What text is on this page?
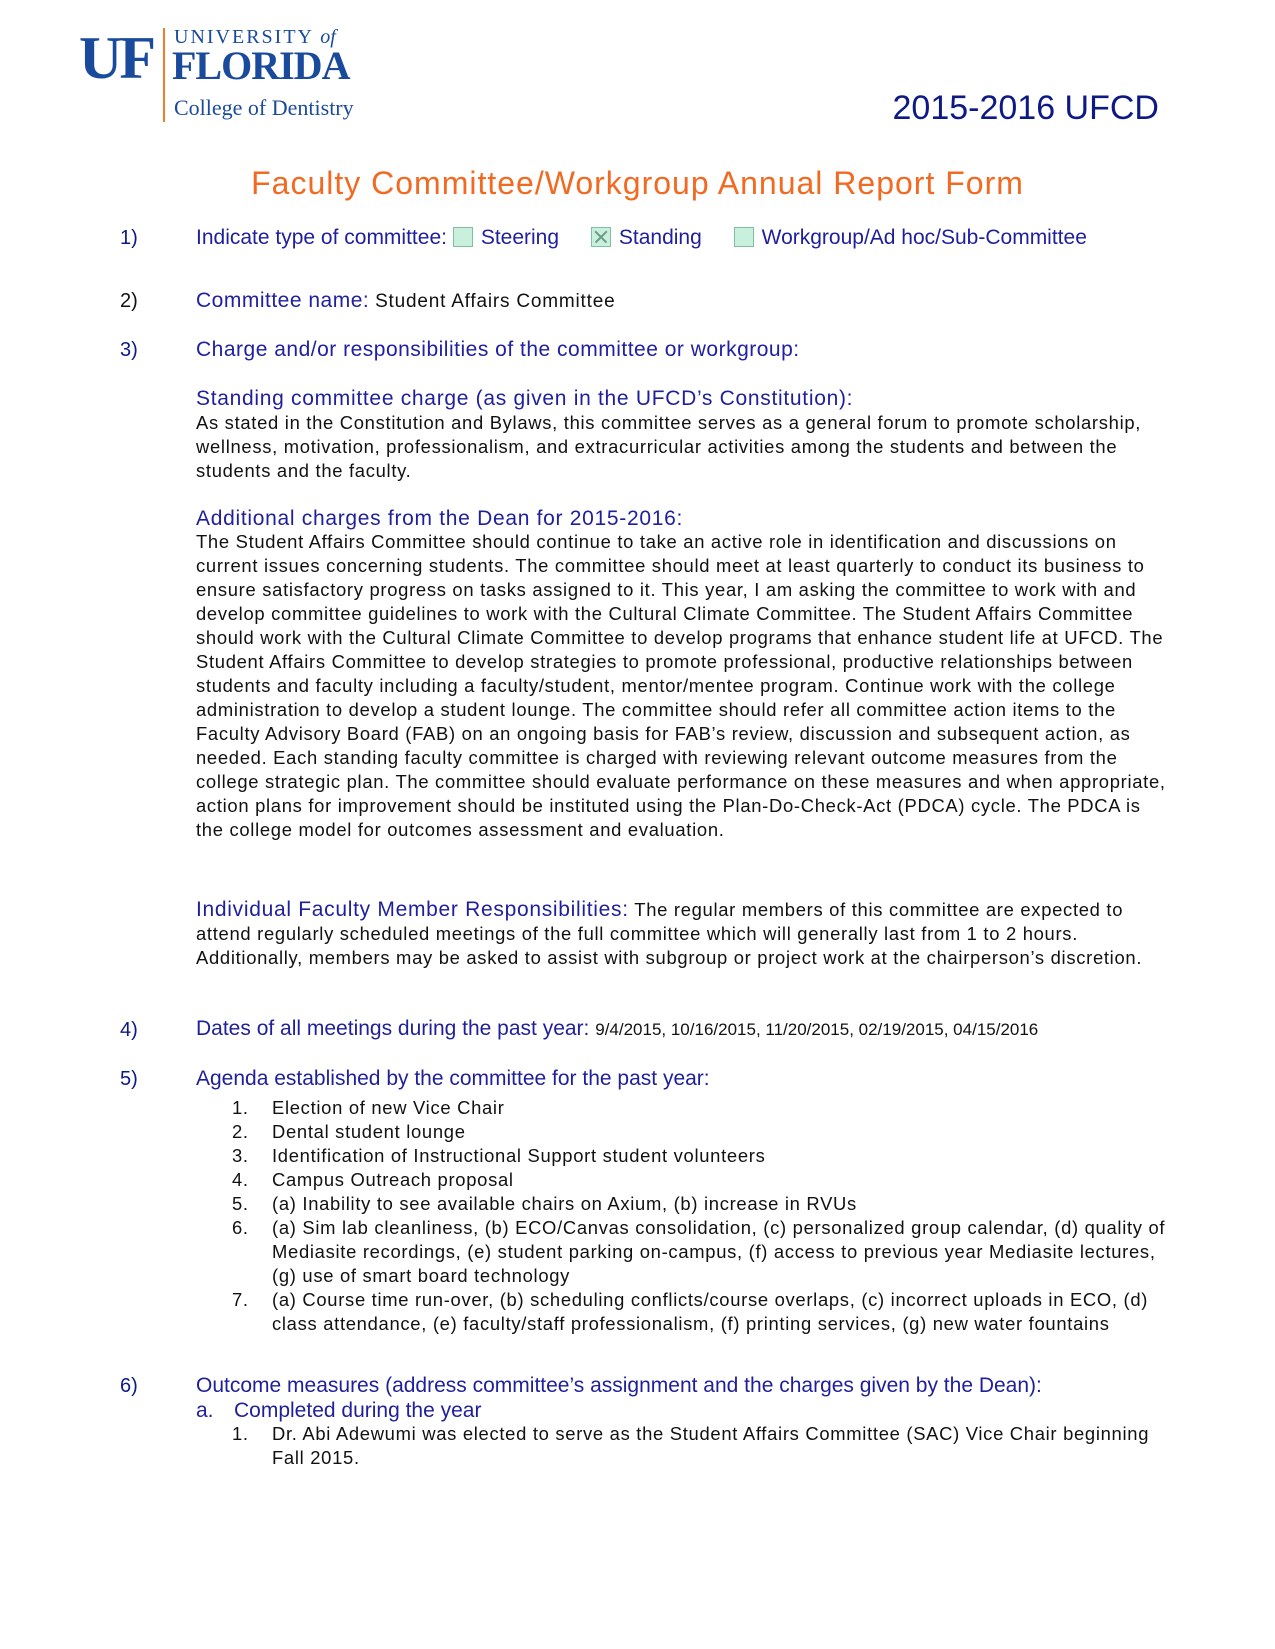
UF UNIVERSITY of
FLORIDA
College of Dentistry	2015-2016 UFCD
Faculty Committee/Workgroup Annual Report Form
1)	Indicate type of committee: Steering	Standing	Workgroup/Ad hoc/Sub-Committee
2)	Committee name: Student Affairs Committee
3)	Charge and/or responsibilities of the committee or workgroup:
Standing committee charge (as given in the UFCD’s Constitution):
As stated in the Constitution and Bylaws, this committee serves as a general forum to promote scholarship, wellness, motivation, professionalism, and extracurricular activities among the students and between the students and the faculty.
Additional charges from the Dean for 2015-2016:
The Student Affairs Committee should continue to take an active role in identification and discussions on current issues concerning students. The committee should meet at least quarterly to conduct its business to ensure satisfactory progress on tasks assigned to it. This year, I am asking the committee to work with and develop committee guidelines to work with the Cultural Climate Committee. The Student Affairs Committee should work with the Cultural Climate Committee to develop programs that enhance student life at UFCD. The Student Affairs Committee to develop strategies to promote professional, productive relationships between students and faculty including a faculty/student, mentor/mentee program. Continue work with the college administration to develop a student lounge. The committee should refer all committee action items to the Faculty Advisory Board (FAB) on an ongoing basis for FAB’s review, discussion and subsequent action, as needed. Each standing faculty committee is charged with reviewing relevant outcome measures from the college strategic plan. The committee should evaluate performance on these measures and when appropriate, action plans for improvement should be instituted using the Plan-Do-Check-Act (PDCA) cycle. The PDCA is the college model for outcomes assessment and evaluation.
Individual Faculty Member Responsibilities: The regular members of this committee are expected to attend regularly scheduled meetings of the full committee which will generally last from 1 to 2 hours. Additionally, members may be asked to assist with subgroup or project work at the chairperson’s discretion.
4)	Dates of all meetings during the past year: 9/4/2015, 10/16/2015, 11/20/2015, 02/19/2015, 04/15/2016
5)	Agenda established by the committee for the past year:
1. Election of new Vice Chair
2. Dental student lounge
3. Identification of Instructional Support student volunteers
4. Campus Outreach proposal
5. (a) Inability to see available chairs on Axium, (b) increase in RVUs
6. (a) Sim lab cleanliness, (b) ECO/Canvas consolidation, (c) personalized group calendar, (d) quality of Mediasite recordings, (e) student parking on-campus, (f) access to previous year Mediasite lectures, (g) use of smart board technology
7. (a) Course time run-over, (b) scheduling conflicts/course overlaps, (c) incorrect uploads in ECO, (d) class attendance, (e) faculty/staff professionalism, (f) printing services, (g) new water fountains
6)	Outcome measures (address committee’s assignment and the charges given by the Dean):
a. Completed during the year
1. Dr. Abi Adewumi was elected to serve as the Student Affairs Committee (SAC) Vice Chair beginning Fall 2015.
